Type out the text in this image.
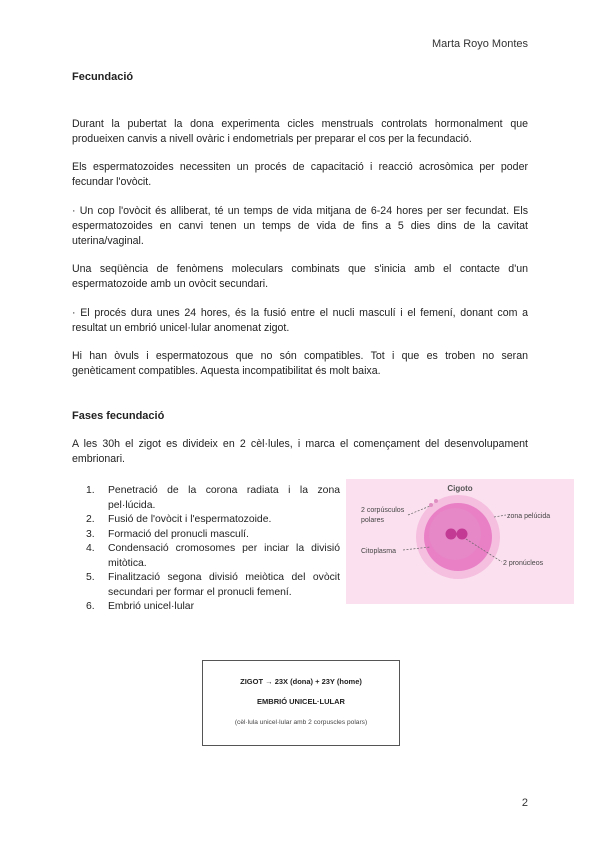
Marta Royo Montes
Fecundació
Durant la pubertat la dona experimenta cicles menstruals controlats hormonalment que produeixen canvis a nivell ovàric i endometrials per preparar el cos per la fecundació.
Els espermatozoides necessiten un procés de capacitació i reacció acrosòmica per poder fecundar l'ovòcit.
· Un cop l'ovòcit és alliberat, té un temps de vida mitjana de 6-24 hores per ser fecundat. Els espermatozoides en canvi tenen un temps de vida de fins a 5 dies dins de la cavitat uterina/vaginal.
Una seqüència de fenòmens moleculars combinats que s'inicia amb el contacte d'un espermatozoide amb un ovòcit secundari.
· El procés dura unes 24 hores, és la fusió entre el nucli masculí i el femení, donant com a resultat un embrió unicel·lular anomenat zigot.
Hi han òvuls i espermatozous que no són compatibles. Tot i que es troben no seran genèticament compatibles. Aquesta incompatibilitat és molt baixa.
Fases fecundació
A les 30h el zigot es divideix en 2 cèl·lules, i marca el començament del desenvolupament embrionari.
1. Penetració de la corona radiata i la zona pel·lúcida.
2. Fusió de l'ovòcit i l'espermatozoide.
3. Formació del pronucli masculí.
4. Condensació cromosomes per inciar la divisió mitòtica.
5. Finalització segona divisió meiòtica del ovòcit secundari per formar el pronucli femení.
6. Embrió unicel·lular
Cigoto
2 corpúsculos
polares
zona pelúcida
Citoplasma
2 pronúcleos
ZIGOT → 23X (dona) + 23Y (home)
EMBRIÓ UNICEL·LULAR
(cèl·lula unicel·lular amb 2 corpuscles polars)
2
